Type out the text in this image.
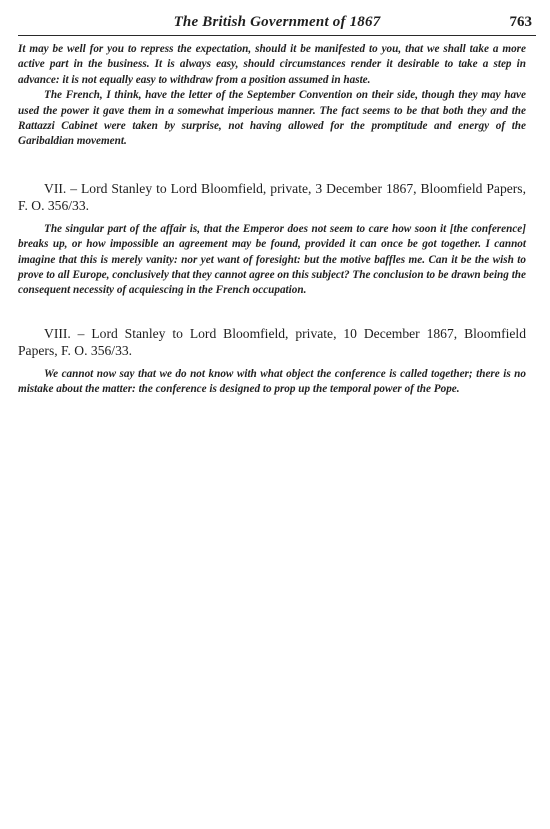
The British Government of 1867	763

It may be well for you to repress the expectation, should it be manifested to you, that we shall take a more active part in the business. It is always easy, should circumstances render it desirable to take a step in advance: it is not equally easy to withdraw from a position assumed in haste.

The French, I think, have the letter of the September Convention on their side, though they may have used the power it gave them in a somewhat imperious manner. The fact seems to be that both they and the Rattazzi Cabinet were taken by surprise, not having allowed for the promptitude and energy of the Garibaldian movement.

VII. – Lord Stanley to Lord Bloomfield, private, 3 December 1867, Bloomfield Papers, F. O. 356/33.

The singular part of the affair is, that the Emperor does not seem to care how soon it [the conference] breaks up, or how impossible an agreement may be found, provided it can once be got together. I cannot imagine that this is merely vanity: nor yet want of foresight: but the motive baffles me. Can it be the wish to prove to all Europe, conclusively that they cannot agree on this subject? The conclusion to be drawn being the consequent necessity of acquiescing in the French occupation.

VIII. – Lord Stanley to Lord Bloomfield, private, 10 December 1867, Bloomfield Papers, F. O. 356/33.

We cannot now say that we do not know with what object the conference is called together; there is no mistake about the matter: the conference is designed to prop up the temporal power of the Pope.
